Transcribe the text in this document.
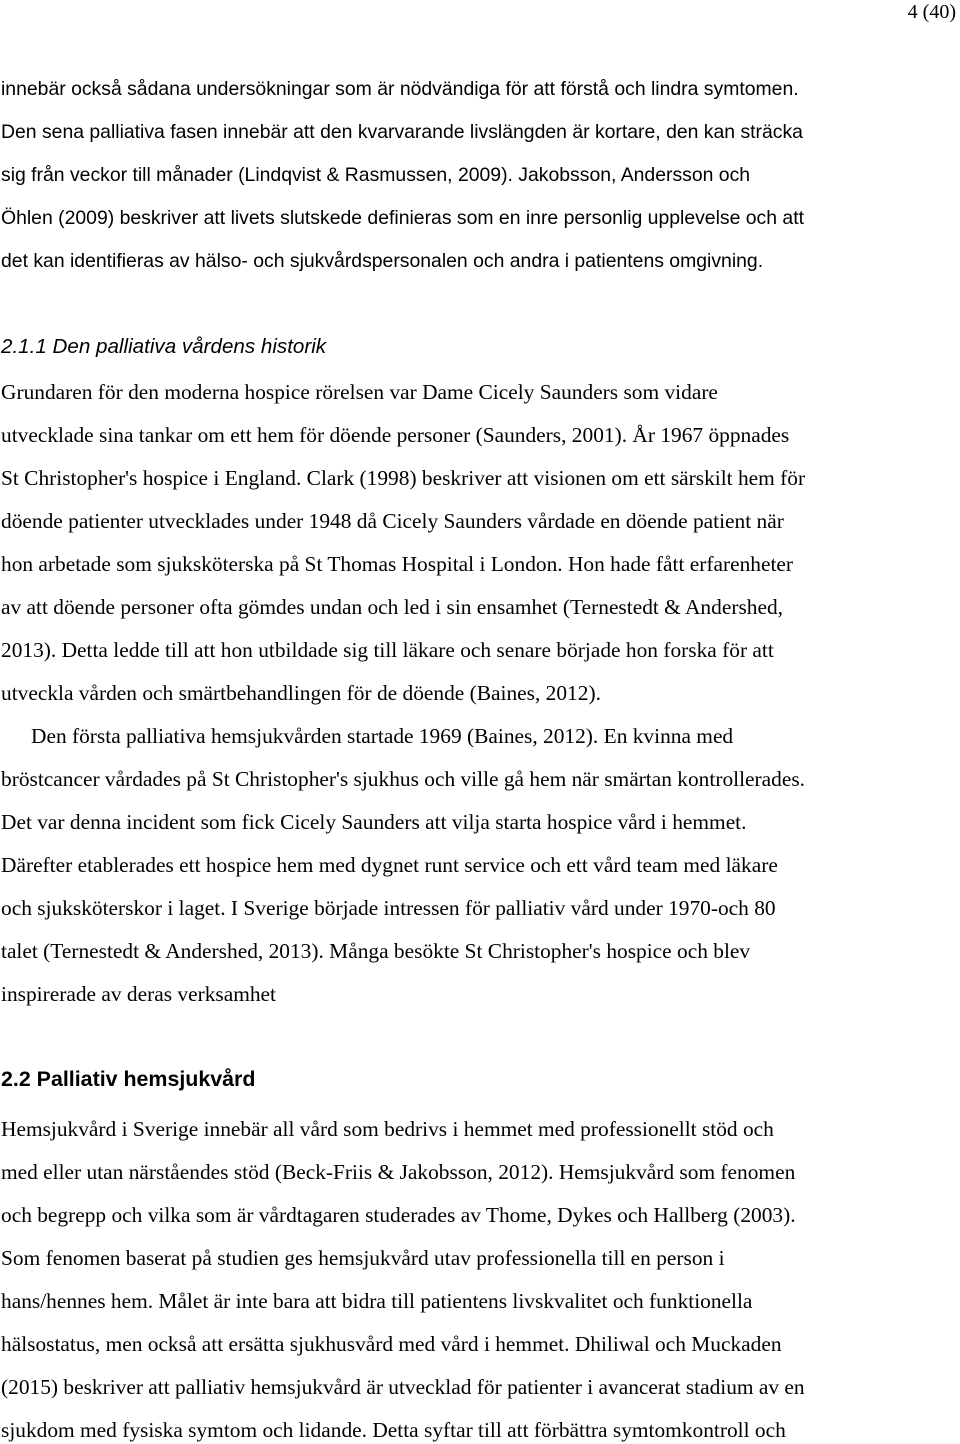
4 (40)
innebär också sådana undersökningar som är nödvändiga för att förstå och lindra symtomen.
Den sena palliativa fasen innebär att den kvarvarande livslängden är kortare, den kan sträcka
sig från veckor till månader (Lindqvist & Rasmussen, 2009). Jakobsson, Andersson och
Öhlen (2009) beskriver att livets slutskede definieras som en inre personlig upplevelse och att
det kan identifieras av hälso- och sjukvårdspersonalen och andra i patientens omgivning.
2.1.1 Den palliativa vårdens historik
Grundaren för den moderna hospice rörelsen var Dame Cicely Saunders som vidare
utvecklade sina tankar om ett hem för döende personer (Saunders, 2001). År 1967 öppnades
St Christopher's hospice i England. Clark (1998) beskriver att visionen om ett särskilt hem för
döende patienter utvecklades under 1948 då Cicely Saunders vårdade en döende patient när
hon arbetade som sjuksköterska på St Thomas Hospital i London. Hon hade fått erfarenheter
av att döende personer ofta gömdes undan och led i sin ensamhet (Ternestedt & Andershed,
2013). Detta ledde till att hon utbildade sig till läkare och senare började hon forska för att
utveckla vården och smärtbehandlingen för de döende (Baines, 2012).
Den första palliativa hemsjukvården startade 1969 (Baines, 2012). En kvinna med
bröstcancer vårdades på St Christopher's sjukhus och ville gå hem när smärtan kontrollerades.
Det var denna incident som fick Cicely Saunders att vilja starta hospice vård i hemmet.
Därefter etablerades ett hospice hem med dygnet runt service och ett vård team med läkare
och sjuksköterskor i laget. I Sverige började intressen för palliativ vård under 1970-och 80
talet (Ternestedt & Andershed, 2013). Många besökte St Christopher's hospice och blev
inspirerade av deras verksamhet
2.2 Palliativ hemsjukvård
Hemsjukvård i Sverige innebär all vård som bedrivs i hemmet med professionellt stöd och
med eller utan närståendes stöd (Beck-Friis & Jakobsson, 2012). Hemsjukvård som fenomen
och begrepp och vilka som är vårdtagaren studerades av Thome, Dykes och Hallberg (2003).
Som fenomen baserat på studien ges hemsjukvård utav professionella till en person i
hans/hennes hem. Målet är inte bara att bidra till patientens livskvalitet och funktionella
hälsostatus, men också att ersätta sjukhusvård med vård i hemmet. Dhiliwal och Muckaden
(2015) beskriver att palliativ hemsjukvård är utvecklad för patienter i avancerat stadium av en
sjukdom med fysiska symtom och lidande. Detta syftar till att förbättra symtomkontroll och
